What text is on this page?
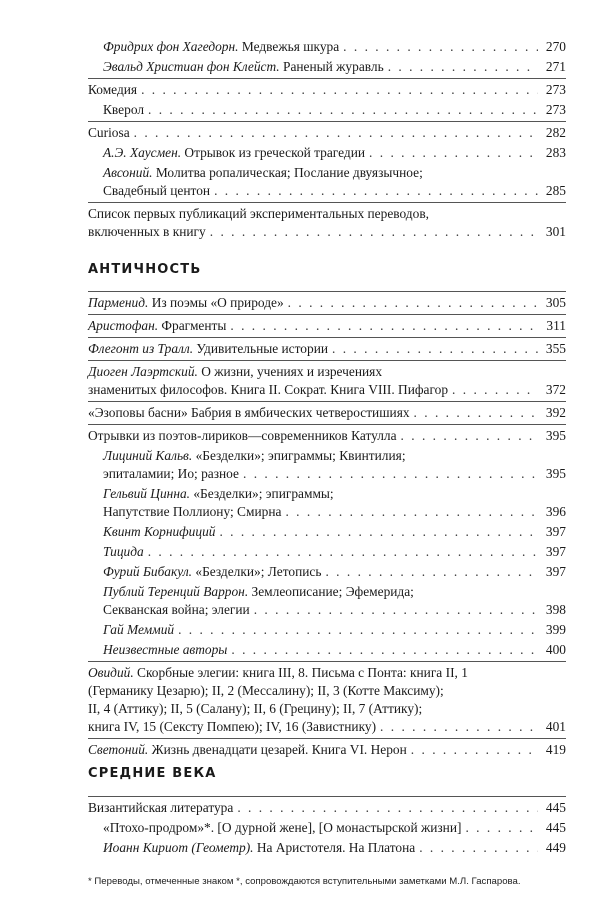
Фридрих фон Хагедорн. Медвежья шкура . . .	270
Эвальд Христиан фон Клейст. Раненый журавль . . .	271
Комедия . . .	273
Кверол . . .	273
Curiosa . . .	282
А.Э. Хаусмен. Отрывок из греческой трагедии . . .	283
Авсоний. Молитва ропалическая; Послание двуязычное;
Свадебный центон . . .	285
Список первых публикаций экспериментальных переводов,
включенных в книгу . . .	301
АНТИЧНОСТЬ
Парменид. Из поэмы «О природе» . . .	305
Аристофан. Фрагменты . . .	311
Флегонт из Тралл. Удивительные истории . . .	355
Диоген Лаэртский. О жизни, учениях и изречениях
знаменитых философов. Книга II. Сократ. Книга VIII. Пифагор . . .	372
«Эзоповы басни» Бабрия в ямбических четверостишиях . . .	392
Отрывки из поэтов-лириков—современников Катулла . . .	395
Лициний Кальв. «Безделки»; эпиграммы; Квинтилия;
эпиталамии; Ио; разное . . .	395
Гельвий Цинна. «Безделки»; эпиграммы;
Напутствие Поллиону; Смирна . . .	396
Квинт Корнифиций . . .	397
Тицида . . .	397
Фурий Бибакул. «Безделки»; Летопись . . .	397
Публий Теренций Варрон. Землеописание; Эфемерида;
Секванская война; элегии . . .	398
Гай Меммий . . .	399
Неизвестные авторы . . .	400
Овидий. Скорбные элегии: книга III, 8. Письма с Понта: книга II, 1
(Германику Цезарю); II, 2 (Мессалину); II, 3 (Котте Максиму);
II, 4 (Аттику); II, 5 (Салану); II, 6 (Грецину); II, 7 (Аттику);
книга IV, 15 (Сексту Помпею); IV, 16 (Завистнику) . . .	401
Светоний. Жизнь двенадцати цезарей. Книга VI. Нерон . . .	419
СРЕДНИЕ ВЕКА
Византийская литература . . .	445
«Птохо-продром»*. [О дурной жене], [О монастырской жизни] . . .	445
Иоанн Кириот (Геометр). На Аристотеля. На Платона . . .	449
* Переводы, отмеченные знаком *, сопровождаются вступительными заметками М.Л. Гаспарова.
